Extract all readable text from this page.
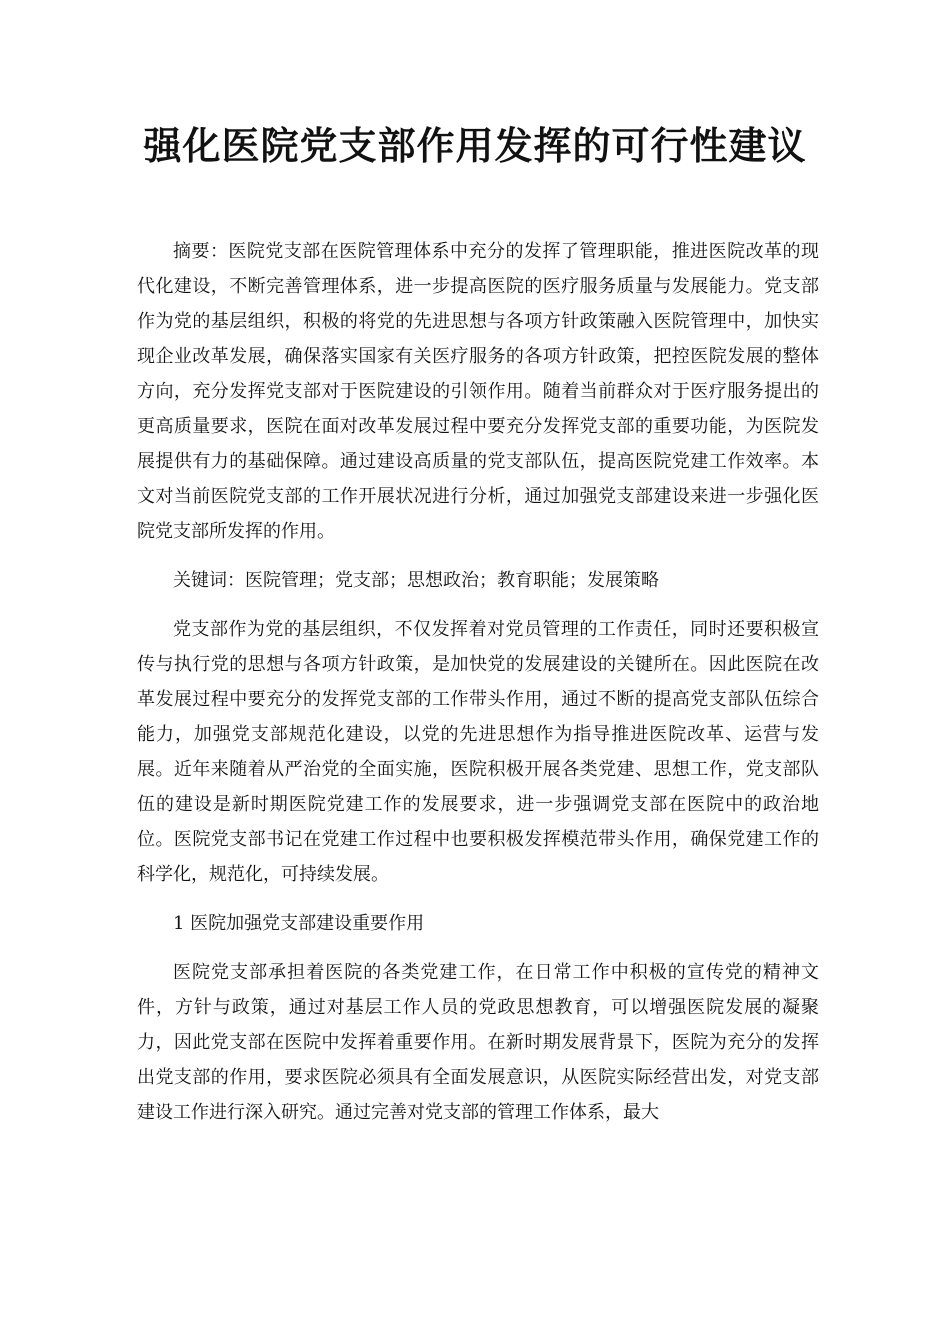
强化医院党支部作用发挥的可行性建议

摘要：医院党支部在医院管理体系中充分的发挥了管理职能，推进医院改革的现代化建设，不断完善管理体系，进一步提高医院的医疗服务质量与发展能力。党支部作为党的基层组织，积极的将党的先进思想与各项方针政策融入医院管理中，加快实现企业改革发展，确保落实国家有关医疗服务的各项方针政策，把控医院发展的整体方向，充分发挥党支部对于医院建设的引领作用。随着当前群众对于医疗服务提出的更高质量要求，医院在面对改革发展过程中要充分发挥党支部的重要功能，为医院发展提供有力的基础保障。通过建设高质量的党支部队伍，提高医院党建工作效率。本文对当前医院党支部的工作开展状况进行分析，通过加强党支部建设来进一步强化医院党支部所发挥的作用。

关键词：医院管理；党支部；思想政治；教育职能；发展策略

党支部作为党的基层组织，不仅发挥着对党员管理的工作责任，同时还要积极宣传与执行党的思想与各项方针政策，是加快党的发展建设的关键所在。因此医院在改革发展过程中要充分的发挥党支部的工作带头作用，通过不断的提高党支部队伍综合能力，加强党支部规范化建设，以党的先进思想作为指导推进医院改革、运营与发展。近年来随着从严治党的全面实施，医院积极开展各类党建、思想工作，党支部队伍的建设是新时期医院党建工作的发展要求，进一步强调党支部在医院中的政治地位。医院党支部书记在党建工作过程中也要积极发挥模范带头作用，确保党建工作的科学化，规范化，可持续发展。

1 医院加强党支部建设重要作用

医院党支部承担着医院的各类党建工作，在日常工作中积极的宣传党的精神文件，方针与政策，通过对基层工作人员的党政思想教育，可以增强医院发展的凝聚力，因此党支部在医院中发挥着重要作用。在新时期发展背景下，医院为充分的发挥出党支部的作用，要求医院必须具有全面发展意识，从医院实际经营出发，对党支部建设工作进行深入研究。通过完善对党支部的管理工作体系，最大
